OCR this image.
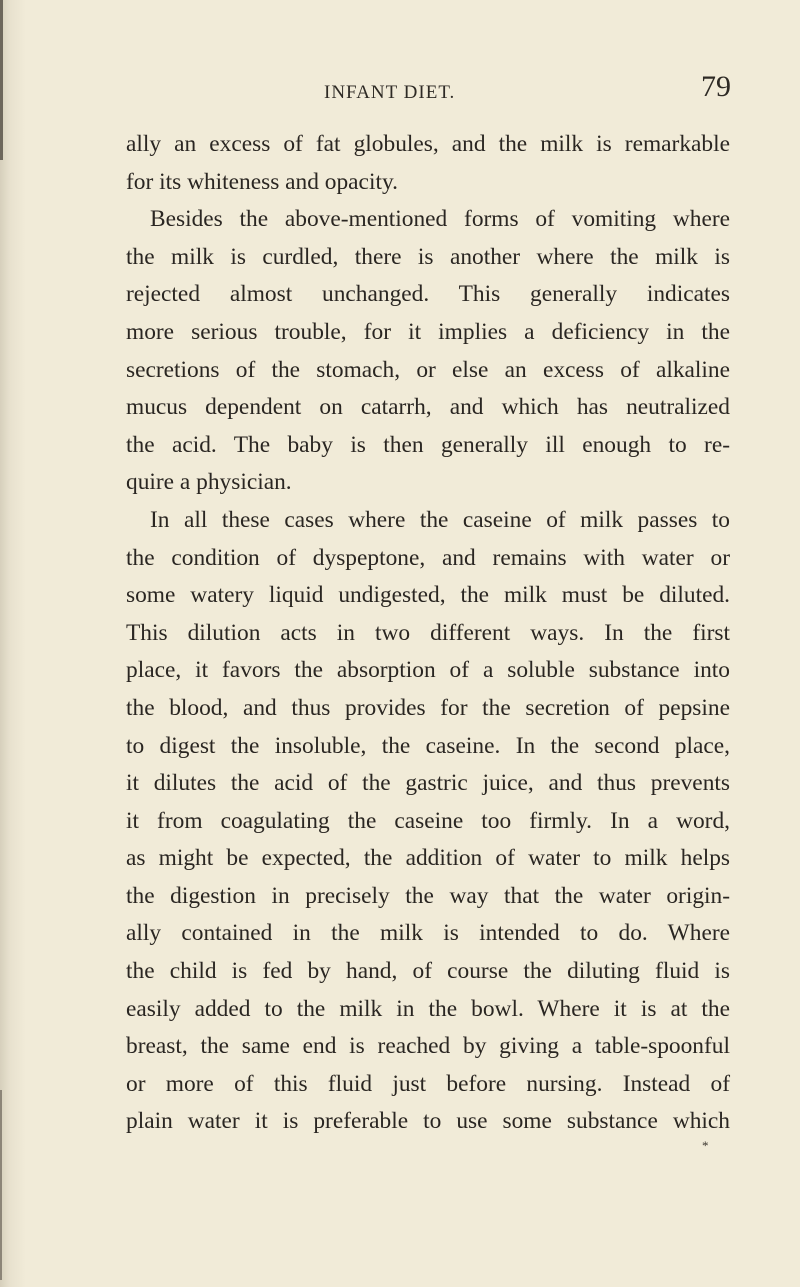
INFANT DIET.	79
ally an excess of fat globules, and the milk is remarkable
for its whiteness and opacity.
Besides the above-mentioned forms of vomiting where
the milk is curdled, there is another where the milk is
rejected almost unchanged. This generally indicates
more serious trouble, for it implies a deficiency in the
secretions of the stomach, or else an excess of alkaline
mucus dependent on catarrh, and which has neutralized
the acid. The baby is then generally ill enough to re-
quire a physician.
In all these cases where the caseine of milk passes to
the condition of dyspeptone, and remains with water or
some watery liquid undigested, the milk must be diluted.
This dilution acts in two different ways. In the first
place, it favors the absorption of a soluble substance into
the blood, and thus provides for the secretion of pepsine
to digest the insoluble, the caseine. In the second place,
it dilutes the acid of the gastric juice, and thus prevents
it from coagulating the caseine too firmly. In a word,
as might be expected, the addition of water to milk helps
the digestion in precisely the way that the water origin-
ally contained in the milk is intended to do. Where
the child is fed by hand, of course the diluting fluid is
easily added to the milk in the bowl. Where it is at the
breast, the same end is reached by giving a table-spoonful
or more of this fluid just before nursing. Instead of
plain water it is preferable to use some substance which
*
